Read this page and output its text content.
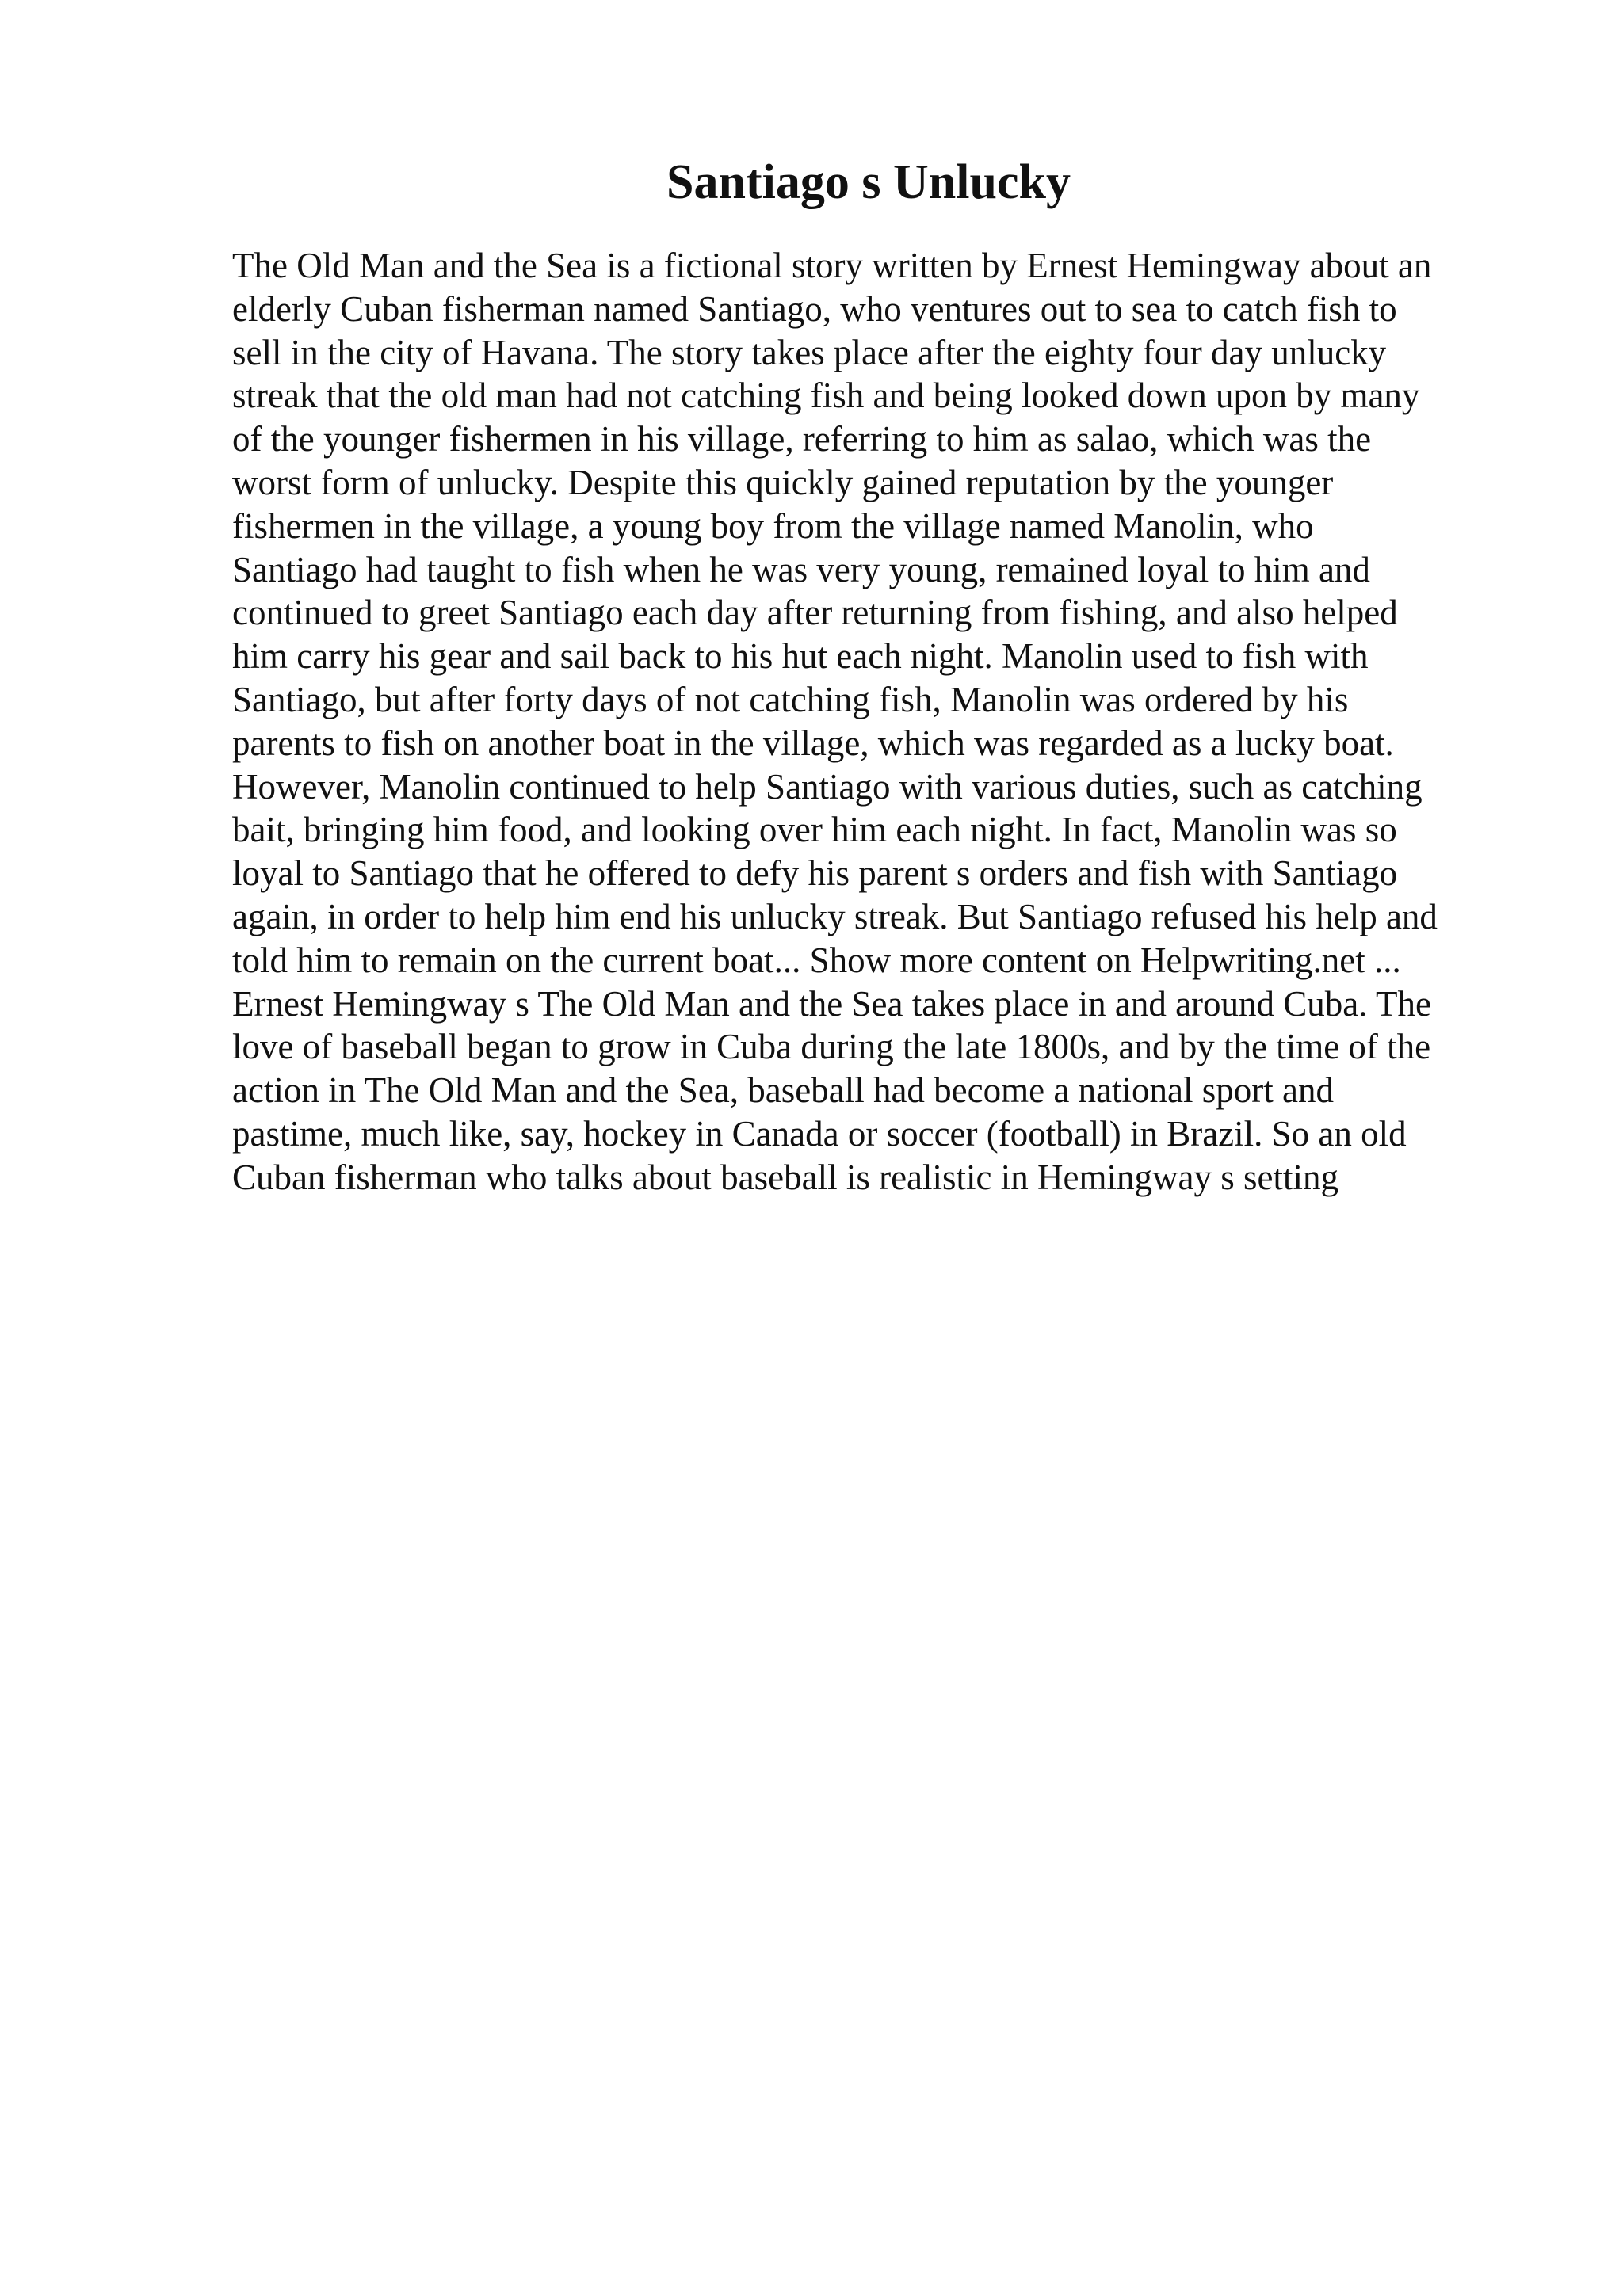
Santiago s Unlucky

The Old Man and the Sea is a fictional story written by Ernest Hemingway about an
elderly Cuban fisherman named Santiago, who ventures out to sea to catch fish to
sell in the city of Havana. The story takes place after the eighty four day unlucky
streak that the old man had not catching fish and being looked down upon by many
of the younger fishermen in his village, referring to him as salao, which was the
worst form of unlucky. Despite this quickly gained reputation by the younger
fishermen in the village, a young boy from the village named Manolin, who
Santiago had taught to fish when he was very young, remained loyal to him and
continued to greet Santiago each day after returning from fishing, and also helped
him carry his gear and sail back to his hut each night. Manolin used to fish with
Santiago, but after forty days of not catching fish, Manolin was ordered by his
parents to fish on another boat in the village, which was regarded as a lucky boat.
However, Manolin continued to help Santiago with various duties, such as catching
bait, bringing him food, and looking over him each night. In fact, Manolin was so
loyal to Santiago that he offered to defy his parent s orders and fish with Santiago
again, in order to help him end his unlucky streak. But Santiago refused his help and
told him to remain on the current boat... Show more content on Helpwriting.net ...
Ernest Hemingway s The Old Man and the Sea takes place in and around Cuba. The
love of baseball began to grow in Cuba during the late 1800s, and by the time of the
action in The Old Man and the Sea, baseball had become a national sport and
pastime, much like, say, hockey in Canada or soccer (football) in Brazil. So an old
Cuban fisherman who talks about baseball is realistic in Hemingway s setting
